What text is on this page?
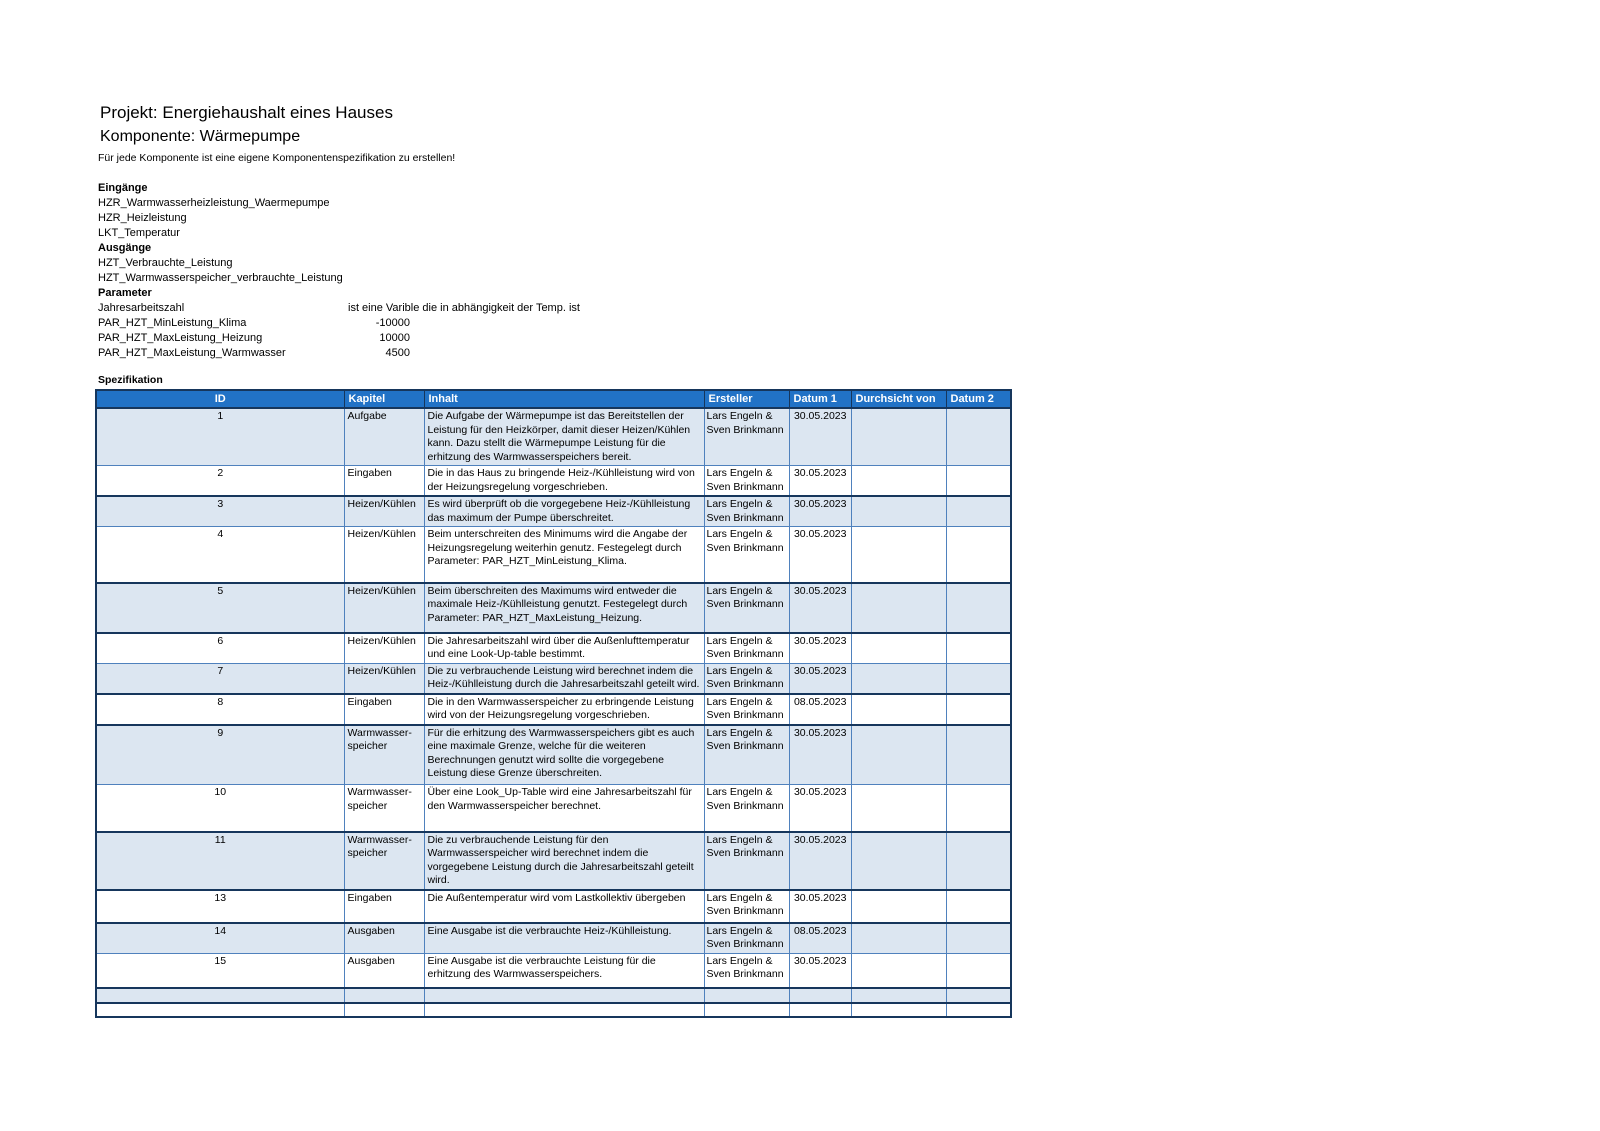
Projekt: Energiehaushalt eines Hauses
Komponente: Wärmepumpe
Für jede Komponente ist eine eigene Komponentenspezifikation zu erstellen!
Eingänge
HZR_Warmwasserheizleistung_Waermepumpe
HZR_Heizleistung
LKT_Temperatur
Ausgänge
HZT_Verbrauchte_Leistung
HZT_Warmwasserspeicher_verbrauchte_Leistung
Parameter
Jahresarbeitszahl	ist eine Varible die in abhängigkeit der Temp. ist
PAR_HZT_MinLeistung_Klima	-10000
PAR_HZT_MaxLeistung_Heizung	10000
PAR_HZT_MaxLeistung_Warmwasser	4500
Spezifikation
ID	Kapitel	Inhalt	Ersteller	Datum 1	Durchsicht von	Datum 2
1	Aufgabe	Die Aufgabe der Wärmepumpe ist das Bereitstellen der Leistung für den Heizkörper, damit dieser Heizen/Kühlen kann. Dazu stellt die Wärmepumpe Leistung für die erhitzung des Warmwasserspeichers bereit.	Lars Engeln & Sven Brinkmann	30.05.2023		
2	Eingaben	Die in das Haus zu bringende Heiz-/Kühlleistung wird von der Heizungsregelung vorgeschrieben.	Lars Engeln & Sven Brinkmann	30.05.2023		
3	Heizen/Kühlen	Es wird überprüft ob die vorgegebene Heiz-/Kühlleistung das maximum der Pumpe überschreitet.	Lars Engeln & Sven Brinkmann	30.05.2023		
4	Heizen/Kühlen	Beim unterschreiten des Minimums wird die Angabe der Heizungsregelung weiterhin genutz. Festegelegt durch Parameter: PAR_HZT_MinLeistung_Klima.	Lars Engeln & Sven Brinkmann	30.05.2023		
5	Heizen/Kühlen	Beim überschreiten des Maximums wird entweder die maximale Heiz-/Kühlleistung genutzt. Festegelegt durch Parameter: PAR_HZT_MaxLeistung_Heizung.	Lars Engeln & Sven Brinkmann	30.05.2023		
6	Heizen/Kühlen	Die Jahresarbeitszahl wird über die Außenlufttemperatur und eine Look-Up-table bestimmt.	Lars Engeln & Sven Brinkmann	30.05.2023		
7	Heizen/Kühlen	Die zu verbrauchende Leistung wird berechnet indem die Heiz-/Kühlleistung durch die Jahresarbeitszahl geteilt wird.	Lars Engeln & Sven Brinkmann	30.05.2023		
8	Eingaben	Die in den Warmwasserspeicher zu erbringende Leistung wird von der Heizungsregelung vorgeschrieben.	Lars Engeln & Sven Brinkmann	08.05.2023		
9	Warmwasser-speicher	Für die erhitzung des Warmwasserspeichers gibt es auch eine maximale Grenze, welche für die weiteren Berechnungen genutzt wird sollte die vorgegebene Leistung diese Grenze überschreiten.	Lars Engeln & Sven Brinkmann	30.05.2023		
10	Warmwasser-speicher	Über eine Look_Up-Table wird eine Jahresarbeitszahl für den Warmwasserspeicher berechnet.	Lars Engeln & Sven Brinkmann	30.05.2023		
11	Warmwasser-speicher	Die zu verbrauchende Leistung für den Warmwasserspeicher wird berechnet indem die vorgegebene Leistung durch die Jahresarbeitszahl geteilt wird.	Lars Engeln & Sven Brinkmann	30.05.2023		
13	Eingaben	Die Außentemperatur wird vom Lastkollektiv übergeben	Lars Engeln & Sven Brinkmann	30.05.2023		
14	Ausgaben	Eine Ausgabe ist die verbrauchte Heiz-/Kühlleistung.	Lars Engeln & Sven Brinkmann	08.05.2023		
15	Ausgaben	Eine Ausgabe ist die verbrauchte Leistung für die erhitzung des Warmwasserspeichers.	Lars Engeln & Sven Brinkmann	30.05.2023		
